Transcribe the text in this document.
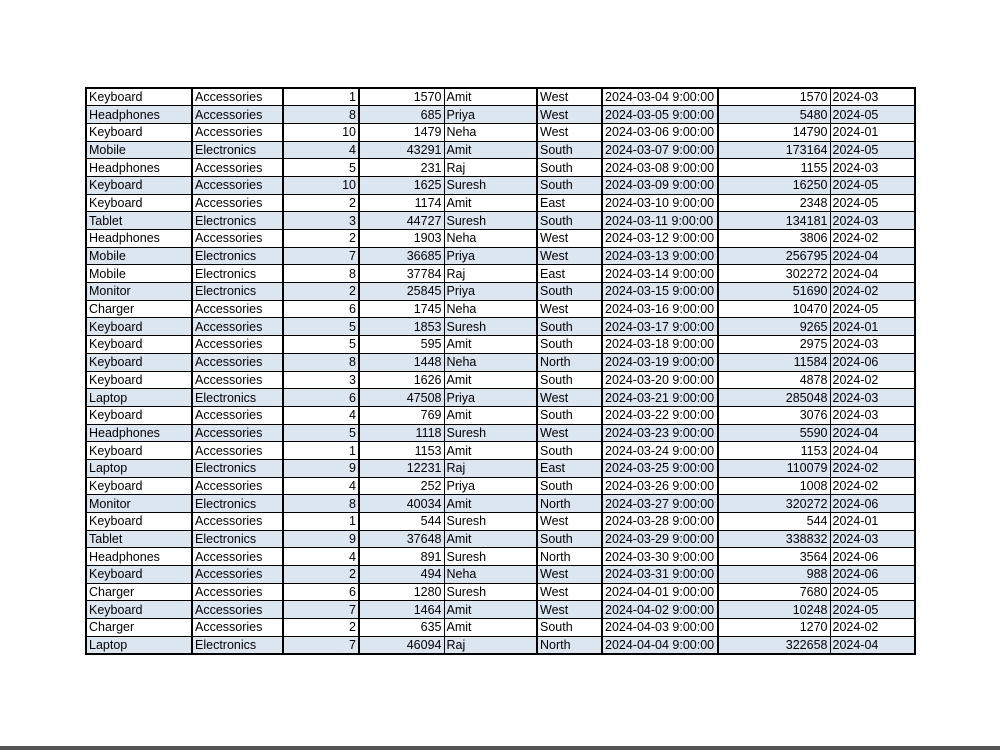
Keyboard	Accessories	1	1570	Amit	West	2024-03-04 9:00:00	1570	2024-03
Headphones	Accessories	8	685	Priya	West	2024-03-05 9:00:00	5480	2024-05
Keyboard	Accessories	10	1479	Neha	West	2024-03-06 9:00:00	14790	2024-01
Mobile	Electronics	4	43291	Amit	South	2024-03-07 9:00:00	173164	2024-05
Headphones	Accessories	5	231	Raj	South	2024-03-08 9:00:00	1155	2024-03
Keyboard	Accessories	10	1625	Suresh	South	2024-03-09 9:00:00	16250	2024-05
Keyboard	Accessories	2	1174	Amit	East	2024-03-10 9:00:00	2348	2024-05
Tablet	Electronics	3	44727	Suresh	South	2024-03-11 9:00:00	134181	2024-03
Headphones	Accessories	2	1903	Neha	West	2024-03-12 9:00:00	3806	2024-02
Mobile	Electronics	7	36685	Priya	West	2024-03-13 9:00:00	256795	2024-04
Mobile	Electronics	8	37784	Raj	East	2024-03-14 9:00:00	302272	2024-04
Monitor	Electronics	2	25845	Priya	South	2024-03-15 9:00:00	51690	2024-02
Charger	Accessories	6	1745	Neha	West	2024-03-16 9:00:00	10470	2024-05
Keyboard	Accessories	5	1853	Suresh	South	2024-03-17 9:00:00	9265	2024-01
Keyboard	Accessories	5	595	Amit	South	2024-03-18 9:00:00	2975	2024-03
Keyboard	Accessories	8	1448	Neha	North	2024-03-19 9:00:00	11584	2024-06
Keyboard	Accessories	3	1626	Amit	South	2024-03-20 9:00:00	4878	2024-02
Laptop	Electronics	6	47508	Priya	West	2024-03-21 9:00:00	285048	2024-03
Keyboard	Accessories	4	769	Amit	South	2024-03-22 9:00:00	3076	2024-03
Headphones	Accessories	5	1118	Suresh	West	2024-03-23 9:00:00	5590	2024-04
Keyboard	Accessories	1	1153	Amit	South	2024-03-24 9:00:00	1153	2024-04
Laptop	Electronics	9	12231	Raj	East	2024-03-25 9:00:00	110079	2024-02
Keyboard	Accessories	4	252	Priya	South	2024-03-26 9:00:00	1008	2024-02
Monitor	Electronics	8	40034	Amit	North	2024-03-27 9:00:00	320272	2024-06
Keyboard	Accessories	1	544	Suresh	West	2024-03-28 9:00:00	544	2024-01
Tablet	Electronics	9	37648	Amit	South	2024-03-29 9:00:00	338832	2024-03
Headphones	Accessories	4	891	Suresh	North	2024-03-30 9:00:00	3564	2024-06
Keyboard	Accessories	2	494	Neha	West	2024-03-31 9:00:00	988	2024-06
Charger	Accessories	6	1280	Suresh	West	2024-04-01 9:00:00	7680	2024-05
Keyboard	Accessories	7	1464	Amit	West	2024-04-02 9:00:00	10248	2024-05
Charger	Accessories	2	635	Amit	South	2024-04-03 9:00:00	1270	2024-02
Laptop	Electronics	7	46094	Raj	North	2024-04-04 9:00:00	322658	2024-04
